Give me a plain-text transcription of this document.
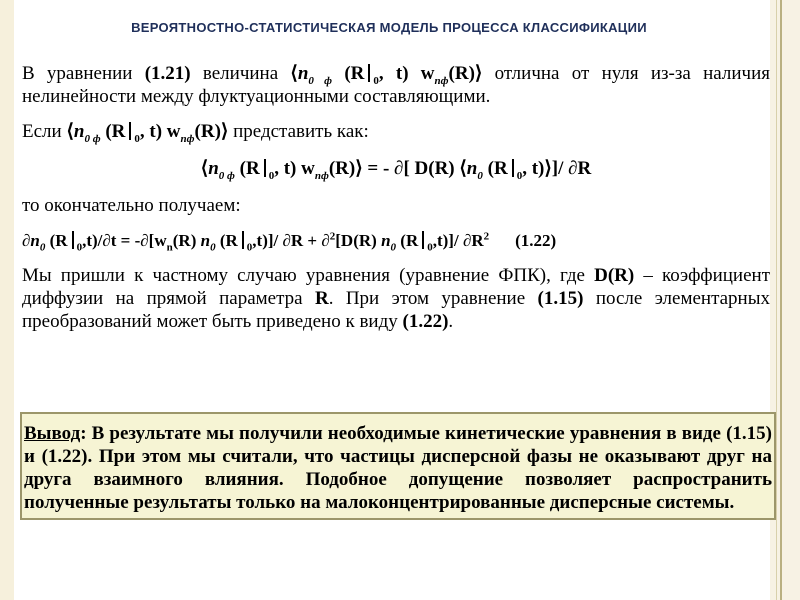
ВЕРОЯТНОСТНО-СТАТИСТИЧЕСКАЯ МОДЕЛЬ ПРОЦЕССА КЛАССИФИКАЦИИ

В уравнении (1.21) величина $⟨n_{0 ф}$ (R $_0$, t) $w_{пф}(R)⟩$ отлична от нуля из-за наличия нелинейности между флуктуационными составляющими.

Если $⟨n_{0 ф}$ (R $_0$, t) $w_{пф}(R)⟩$ представить как:

$⟨n_{0 ф}$ (R $_0$, t) $w_{пф}(R)⟩$ = - ∂[ D(R) $⟨n_0$ (R $_0$, t)⟩]/ ∂R

то окончательно получаем:

$\partial n_0$ (R $_0,t)/\partial t = -\partial[w_n(R)$ $n_0$ (R $_0$,t)]/ ∂R + ∂$^2$[D(R) $n_0$ (R $_0$,t)]/ $\partial R^2$ (1.22)

Мы пришли к частному случаю уравнения (уравнение ФПК), где D(R) – коэффициент диффузии на прямой параметра R. При этом уравнение (1.15) после элементарных преобразований может быть приведено к виду (1.22).

Вывод: В результате мы получили необходимые кинетические уравнения в виде (1.15) и (1.22). При этом мы считали, что частицы дисперсной фазы не оказывают друг на друга взаимного влияния. Подобное допущение позволяет распространить полученные результаты только на малоконцентрированные дисперсные системы.
